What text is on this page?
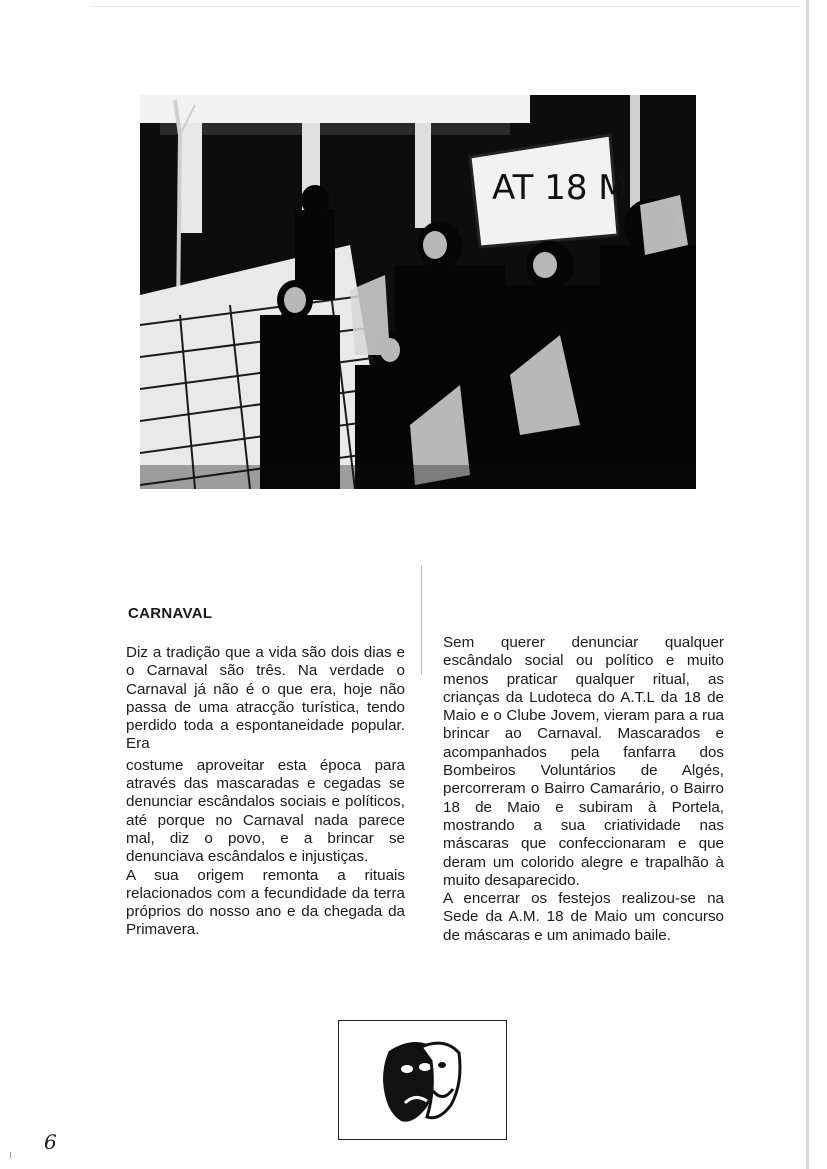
AT 18 M
CARNAVAL

Diz a tradição que a vida são dois dias e o Carnaval são três. Na verdade o Carnaval já não é o que era, hoje não passa de uma atracção turística, tendo perdido toda a espontaneidade popular. Era

costume aproveitar esta época para através das mascaradas e cegadas se denunciar escândalos sociais e políticos, até porque no Carnaval nada parece mal, diz o povo, e a brincar se denunciava escândalos e injustiças.

A sua origem remonta a rituais relacionados com a fecundidade da terra próprios do nosso ano e da chegada da Primavera.

Sem querer denunciar qualquer escândalo social ou político e muito menos praticar qualquer ritual, as crianças da Ludoteca do A.T.L da 18 de Maio e o Clube Jovem, vieram para a rua brincar ao Carnaval. Mascarados e acompanhados pela fanfarra dos Bombeiros Voluntários de Algés, percorreram o Bairro Camarário, o Bairro 18 de Maio e subiram à Portela, mostrando a sua criatividade nas máscaras que confeccionaram e que deram um colorido alegre e trapalhão à muito desaparecido.

A encerrar os festejos realizou-se na Sede da A.M. 18 de Maio um concurso de máscaras e um animado baile.

6
